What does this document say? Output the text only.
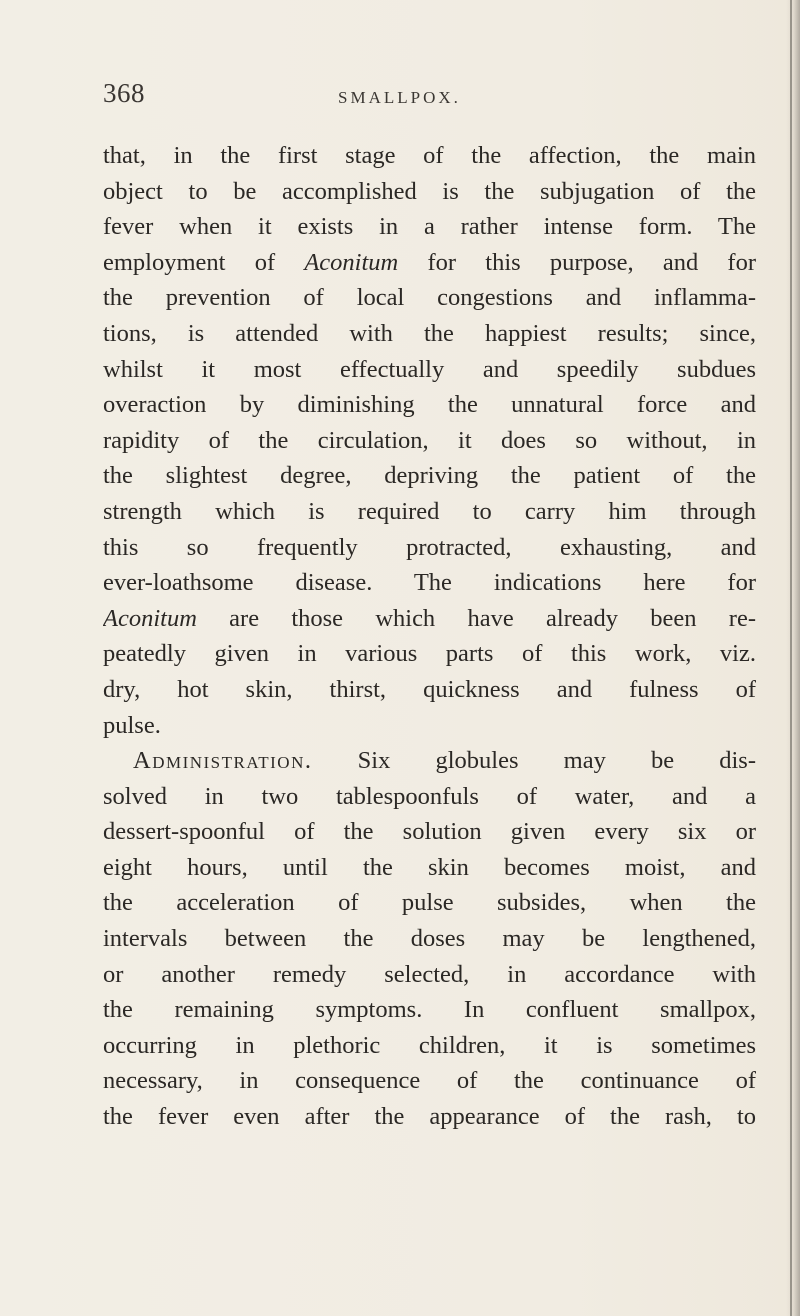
368	SMALLPOX.
that, in the first stage of the affection, the main
object to be accomplished is the subjugation of the
fever when it exists in a rather intense form. The
employment of Aconitum for this purpose, and for
the prevention of local congestions and inflamma-
tions, is attended with the happiest results; since,
whilst it most effectually and speedily subdues
overaction by diminishing the unnatural force and
rapidity of the circulation, it does so without, in
the slightest degree, depriving the patient of the
strength which is required to carry him through
this so frequently protracted, exhausting, and
ever-loathsome disease. The indications here for
Aconitum are those which have already been re-
peatedly given in various parts of this work, viz.
dry, hot skin, thirst, quickness and fulness of
pulse.
Administration. Six globules may be dis-
solved in two tablespoonfuls of water, and a
dessert-spoonful of the solution given every six or
eight hours, until the skin becomes moist, and
the acceleration of pulse subsides, when the
intervals between the doses may be lengthened,
or another remedy selected, in accordance with
the remaining symptoms. In confluent smallpox,
occurring in plethoric children, it is sometimes
necessary, in consequence of the continuance of
the fever even after the appearance of the rash, to
